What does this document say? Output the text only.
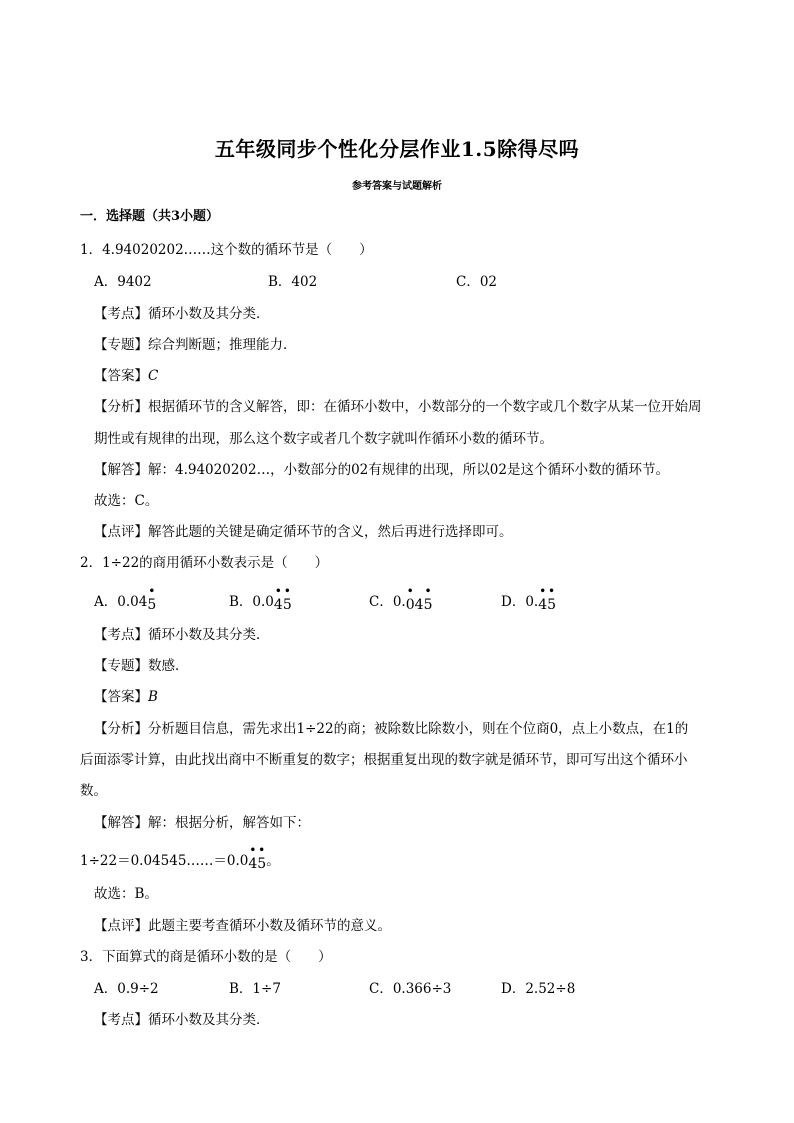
五年级同步个性化分层作业1.5除得尽吗
参考答案与试题解析
一．选择题（共3小题）
1．4.94020202……这个数的循环节是（　　）
A．9402	B．402	C．02
【考点】循环小数及其分类．
【专题】综合判断题；推理能力．
【答案】C
【分析】根据循环节的含义解答，即：在循环小数中，小数部分的一个数字或几个数字从某一位开始周
期性或有规律的出现，那么这个数字或者几个数字就叫作循环小数的循环节。
【解答】解：4.94020202…，小数部分的02有规律的出现，所以02是这个循环小数的循环节。
故选：C。
【点评】解答此题的关键是确定循环节的含义，然后再进行选择即可。
2．1÷22的商用循环小数表示是（　　）
A．0.04
•
5	B．0.0
•
4
•
5	C．0.
•
04
•
5	D．0.
•
4
•
5
【考点】循环小数及其分类．
【专题】数感．
【答案】B
【分析】分析题目信息，需先求出1÷22的商；被除数比除数小，则在个位商0，点上小数点，在1的
后面添零计算，由此找出商中不断重复的数字；根据重复出现的数字就是循环节，即可写出这个循环小
数。
【解答】解：根据分析，解答如下：
1÷22＝0.04545……＝0.0
•
4
•
5。
故选：B。
【点评】此题主要考查循环小数及循环节的意义。
3．下面算式的商是循环小数的是（　　）
A．0.9÷2	B．1÷7	C．0.366÷3	D．2.52÷8
【考点】循环小数及其分类．
